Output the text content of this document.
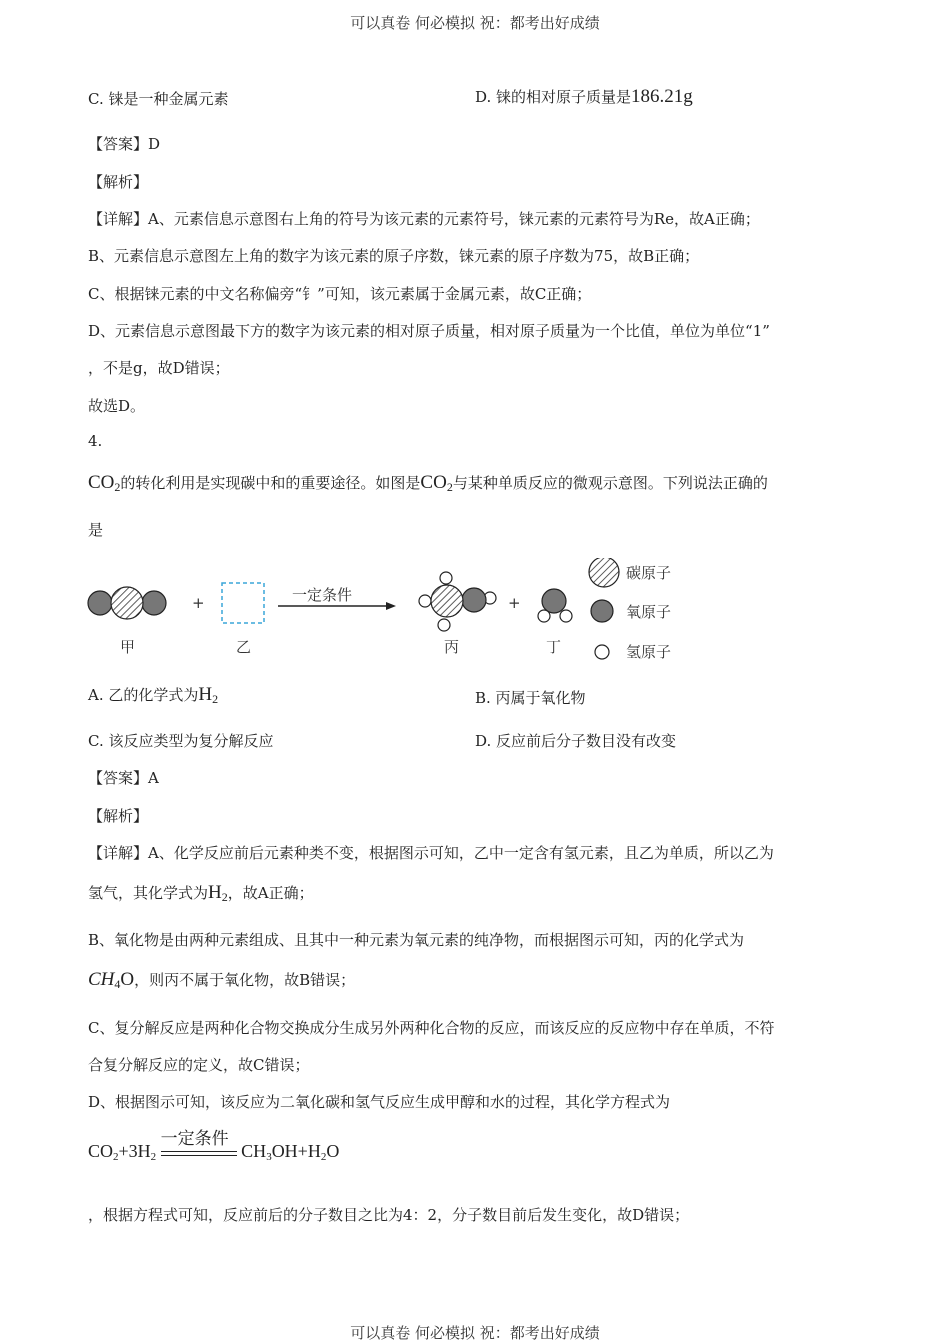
可以真卷 何必模拟 祝：都考出好成绩
C. 铼是一种金属元素	D. 铼的相对原子质量是186.21g
【答案】D
【解析】
【详解】A、元素信息示意图右上角的符号为该元素的元素符号，铼元素的元素符号为Re，故A正确；
B、元素信息示意图左上角的数字为该元素的原子序数，铼元素的原子序数为75，故B正确；
C、根据铼元素的中文名称偏旁“钅”可知，该元素属于金属元素，故C正确；
D、元素信息示意图最下方的数字为该元素的相对原子质量，相对原子质量为一个比值，单位为单位“1”
，不是g，故D错误；
故选D。
4.
$CO_2$的转化利用是实现碳中和的重要途径。如图是$CO_2$与某种单质反应的微观示意图。下列说法正确的
是
+	一定条件	+
碳原子
氧原子
氢原子
甲	乙	丙	丁
A. 乙的化学式为$H_2$	B. 丙属于氧化物
C. 该反应类型为复分解反应	D. 反应前后分子数目没有改变
【答案】A
【解析】
【详解】A、化学反应前后元素种类不变，根据图示可知，乙中一定含有氢元素，且乙为单质，所以乙为
氢气，其化学式为$H_2$，故A正确；
B、氧化物是由两种元素组成、且其中一种元素为氧元素的纯净物，而根据图示可知，丙的化学式为
$CH_4O$，则丙不属于氧化物，故B错误；
C、复分解反应是两种化合物交换成分生成另外两种化合物的反应，而该反应的反应物中存在单质，不符
合复分解反应的定义，故C错误；
D、根据图示可知，该反应为二氧化碳和氢气反应生成甲醇和水的过程，其化学方程式为
$CO_2+3H_2$
一定条件
$CH_3OH+H_2O$
，根据方程式可知，反应前后的分子数目之比为4：2，分子数目前后发生变化，故D错误；
可以真卷 何必模拟 祝：都考出好成绩
